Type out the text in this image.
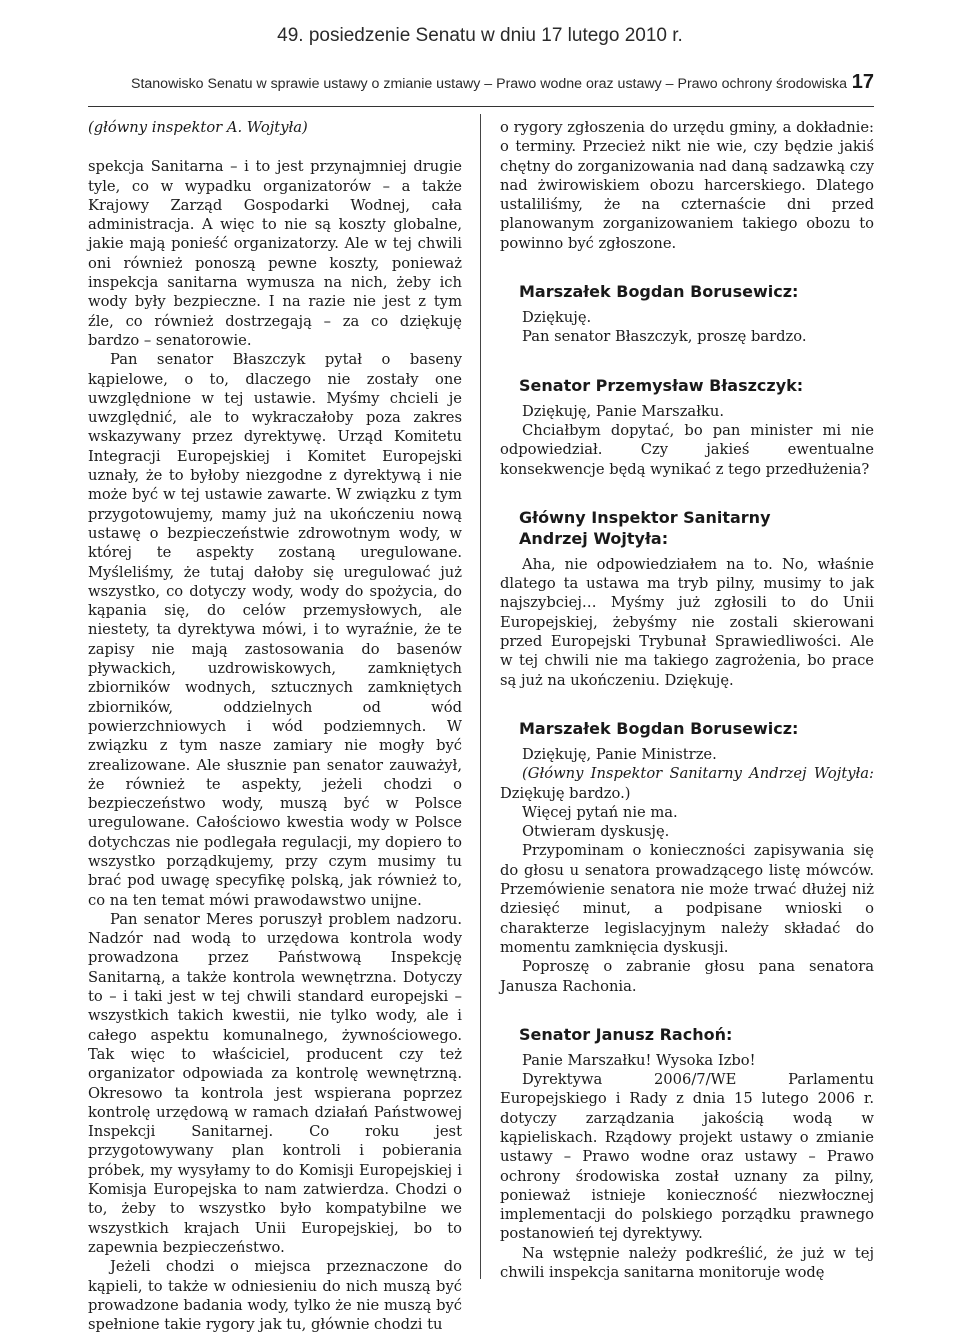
49. posiedzenie Senatu w dniu 17 lutego 2010 r.
Stanowisko Senatu w sprawie ustawy o zmianie ustawy – Prawo wodne oraz ustawy – Prawo ochrony środowiska 17

(główny inspektor A. Wojtyła)

spekcja Sanitarna – i to jest przynajmniej drugie tyle, co w wypadku organizatorów – a także Krajowy Zarząd Gospodarki Wodnej, cała administracja. A więc to nie są koszty globalne, jakie mają ponieść organizatorzy. Ale w tej chwili oni również ponoszą pewne koszty, ponieważ inspekcja sanitarna wymusza na nich, żeby ich wody były bezpieczne. I na razie nie jest z tym źle, co również dostrzegają – za co dziękuję bardzo – senatorowie.

Pan senator Błaszczyk pytał o baseny kąpielowe, o to, dlaczego nie zostały one uwzględnione w tej ustawie. Myśmy chcieli je uwzględnić, ale to wykraczałoby poza zakres wskazywany przez dyrektywę. Urząd Komitetu Integracji Europejskiej i Komitet Europejski uznały, że to byłoby niezgodne z dyrektywą i nie może być w tej ustawie zawarte. W związku z tym przygotowujemy, mamy już na ukończeniu nową ustawę o bezpieczeństwie zdrowotnym wody, w której te aspekty zostaną uregulowane. Myśleliśmy, że tutaj dałoby się uregulować już wszystko, co dotyczy wody, wody do spożycia, do kąpania się, do celów przemysłowych, ale niestety, ta dyrektywa mówi, i to wyraźnie, że te zapisy nie mają zastosowania do basenów pływackich, uzdrowiskowych, zamkniętych zbiorników wodnych, sztucznych zamkniętych zbiorników, oddzielnych od wód powierzchniowych i wód podziemnych. W związku z tym nasze zamiary nie mogły być zrealizowane. Ale słusznie pan senator zauważył, że również te aspekty, jeżeli chodzi o bezpieczeństwo wody, muszą być w Polsce uregulowane. Całościowo kwestia wody w Polsce dotychczas nie podlegała regulacji, my dopiero to wszystko porządkujemy, przy czym musimy tu brać pod uwagę specyfikę polską, jak również to, co na ten temat mówi prawodawstwo unijne.

Pan senator Meres poruszył problem nadzoru. Nadzór nad wodą to urzędowa kontrola wody prowadzona przez Państwową Inspekcję Sanitarną, a także kontrola wewnętrzna. Dotyczy to – i taki jest w tej chwili standard europejski – wszystkich takich kwestii, nie tylko wody, ale i całego aspektu komunalnego, żywnościowego. Tak więc to właściciel, producent czy też organizator odpowiada za kontrolę wewnętrzną. Okresowo ta kontrola jest wspierana poprzez kontrolę urzędową w ramach działań Państwowej Inspekcji Sanitarnej. Co roku jest przygotowywany plan kontroli i pobierania próbek, my wysyłamy to do Komisji Europejskiej i Komisja Europejska to nam zatwierdza. Chodzi o to, żeby to wszystko było kompatybilne we wszystkich krajach Unii Europejskiej, bo to zapewnia bezpieczeństwo.

Jeżeli chodzi o miejsca przeznaczone do kąpieli, to także w odniesieniu do nich muszą być prowadzone badania wody, tylko że nie muszą być spełnione takie rygory jak tu, głównie chodzi tu

o rygory zgłoszenia do urzędu gminy, a dokładnie: o terminy. Przecież nikt nie wie, czy będzie jakiś chętny do zorganizowania nad daną sadzawką czy nad żwirowiskiem obozu harcerskiego. Dlatego ustaliliśmy, że na czternaście dni przed planowanym zorganizowaniem takiego obozu to powinno być zgłoszone.

Marszałek Bogdan Borusewicz:

Dziękuję.

Pan senator Błaszczyk, proszę bardzo.

Senator Przemysław Błaszczyk:

Dziękuję, Panie Marszałku.

Chciałbym dopytać, bo pan minister mi nie odpowiedział. Czy jakieś ewentualne konsekwencje będą wynikać z tego przedłużenia?

Główny Inspektor Sanitarny
Andrzej Wojtyła:

Aha, nie odpowiedziałem na to. No, właśnie dlatego ta ustawa ma tryb pilny, musimy to jak najszybciej… Myśmy już zgłosili to do Unii Europejskiej, żebyśmy nie zostali skierowani przed Europejski Trybunał Sprawiedliwości. Ale w tej chwili nie ma takiego zagrożenia, bo prace są już na ukończeniu. Dziękuję.

Marszałek Bogdan Borusewicz:

Dziękuję, Panie Ministrze.

(Główny Inspektor Sanitarny Andrzej Wojtyła: Dziękuję bardzo.)

Więcej pytań nie ma.

Otwieram dyskusję.

Przypominam o konieczności zapisywania się do głosu u senatora prowadzącego listę mówców. Przemówienie senatora nie może trwać dłużej niż dziesięć minut, a podpisane wnioski o charakterze legislacyjnym należy składać do momentu zamknięcia dyskusji.

Poproszę o zabranie głosu pana senatora Janusza Rachonia.

Senator Janusz Rachoń:

Panie Marszałku! Wysoka Izbo!

Dyrektywa 2006/7/WE Parlamentu Europejskiego i Rady z dnia 15 lutego 2006 r. dotyczy zarządzania jakością wodą w kąpieliskach. Rządowy projekt ustawy o zmianie ustawy – Prawo wodne oraz ustawy – Prawo ochrony środowiska został uznany za pilny, ponieważ istnieje konieczność niezwłocznej implementacji do polskiego porządku prawnego postanowień tej dyrektywy.

Na wstępnie należy podkreślić, że już w tej chwili inspekcja sanitarna monitoruje wodę
